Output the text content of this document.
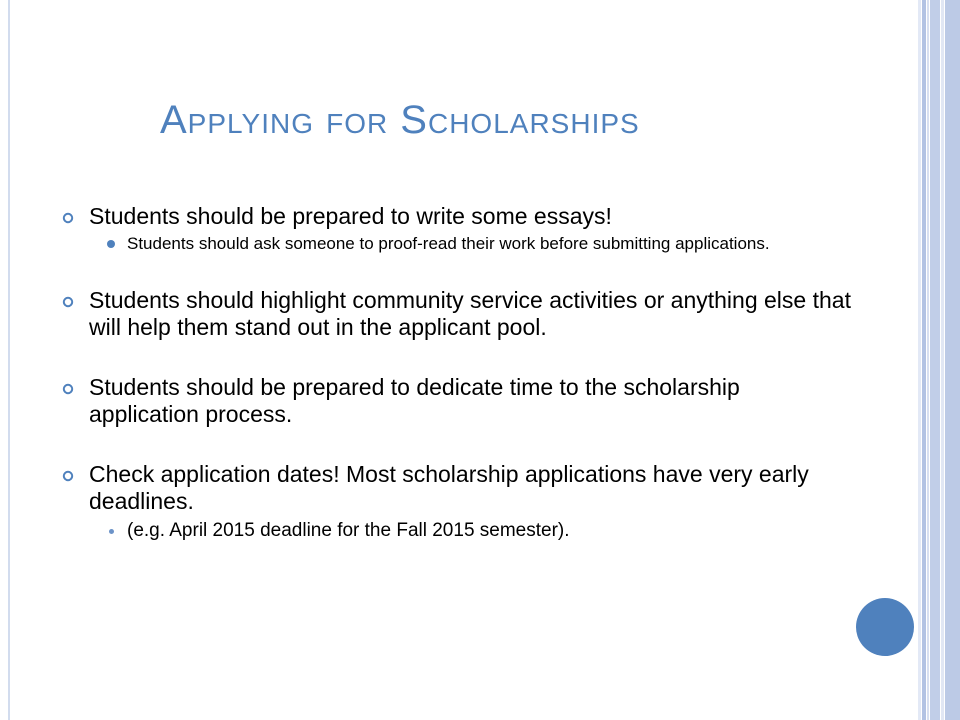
Applying for Scholarships
Students should be prepared to write some essays!
Students should ask someone to proof-read their work before submitting applications.
Students should highlight community service activities or anything else that will help them stand out in the applicant pool.
Students should be prepared to dedicate time to the scholarship application process.
Check application dates! Most scholarship applications have very early deadlines.
(e.g. April 2015 deadline for the Fall 2015 semester).
